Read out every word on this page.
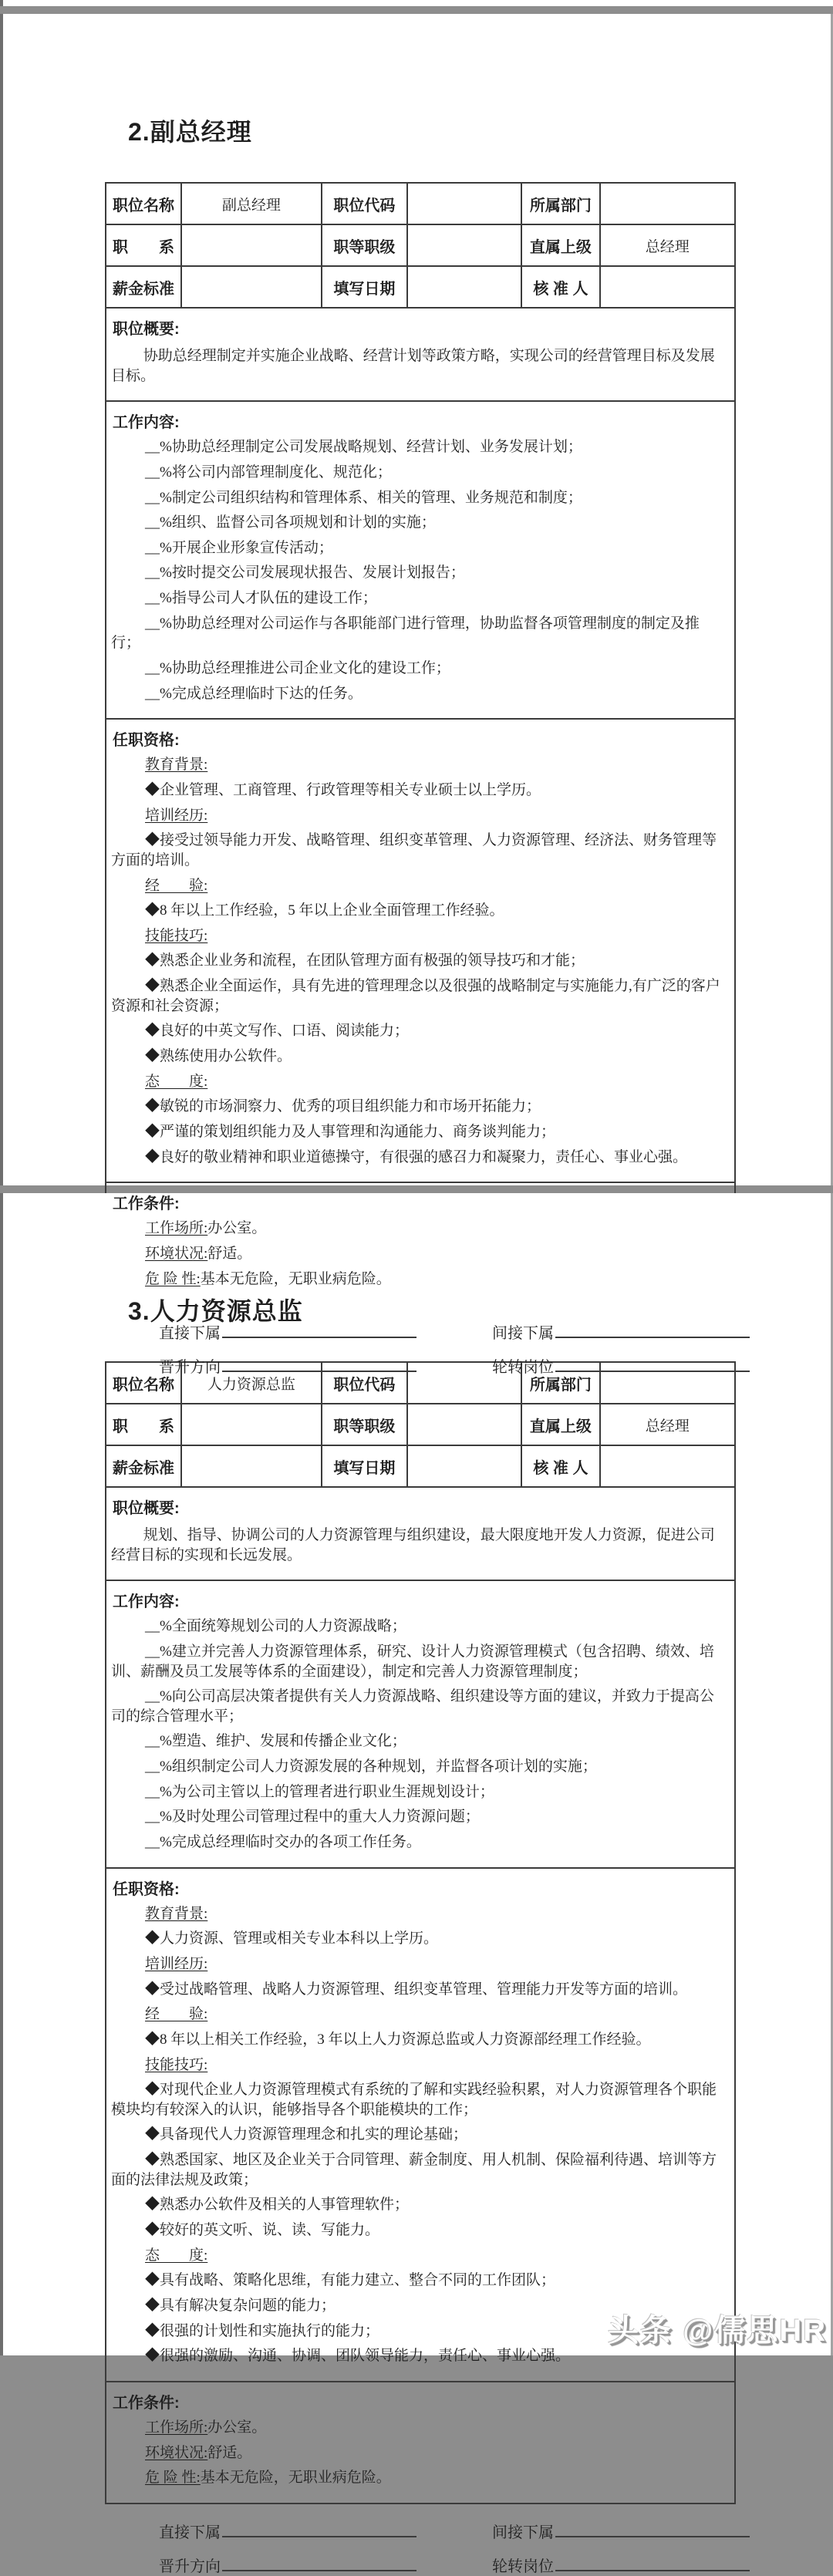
2.副总经理
职位名称	副总经理	职位代码		所属部门	
职　　系		职等职级		直属上级	总经理
薪金标准		填写日期		核 准 人	
职位概要:

协助总经理制定并实施企业战略、经营计划等政策方略，实现公司的经营管理目标及发展目标。

工作内容:

__%协助总经理制定公司发展战略规划、经营计划、业务发展计划；

__%将公司内部管理制度化、规范化；

__%制定公司组织结构和管理体系、相关的管理、业务规范和制度；

__%组织、监督公司各项规划和计划的实施；

__%开展企业形象宣传活动；

__%按时提交公司发展现状报告、发展计划报告；

__%指导公司人才队伍的建设工作；

__%协助总经理对公司运作与各职能部门进行管理，协助监督各项管理制度的制定及推行；

__%协助总经理推进公司企业文化的建设工作；

__%完成总经理临时下达的任务。

任职资格:

教育背景:

◆企业管理、工商管理、行政管理等相关专业硕士以上学历。

培训经历:

◆接受过领导能力开发、战略管理、组织变革管理、人力资源管理、经济法、财务管理等方面的培训。

经　　验:

◆8 年以上工作经验，5 年以上企业全面管理工作经验。

技能技巧:

◆熟悉企业业务和流程，在团队管理方面有极强的领导技巧和才能；

◆熟悉企业全面运作，具有先进的管理理念以及很强的战略制定与实施能力,有广泛的客户资源和社会资源；

◆良好的中英文写作、口语、阅读能力；

◆熟练使用办公软件。

态　　度:

◆敏锐的市场洞察力、优秀的项目组织能力和市场开拓能力；

◆严谨的策划组织能力及人事管理和沟通能力、商务谈判能力；

◆良好的敬业精神和职业道德操守，有很强的感召力和凝聚力，责任心、事业心强。

工作条件:

工作场所:办公室。

环境状况:舒适。

危 险 性:基本无危险，无职业病危险。

直接下属	间接下属
晋升方向	轮转岗位
3.人力资源总监
职位名称	人力资源总监	职位代码		所属部门	
职　　系		职等职级		直属上级	总经理
薪金标准		填写日期		核 准 人	
职位概要:

规划、指导、协调公司的人力资源管理与组织建设，最大限度地开发人力资源，促进公司经营目标的实现和长远发展。

工作内容:

__%全面统筹规划公司的人力资源战略；

__%建立并完善人力资源管理体系，研究、设计人力资源管理模式（包含招聘、绩效、培训、薪酬及员工发展等体系的全面建设），制定和完善人力资源管理制度；

__%向公司高层决策者提供有关人力资源战略、组织建设等方面的建议，并致力于提高公司的综合管理水平；

__%塑造、维护、发展和传播企业文化；

__%组织制定公司人力资源发展的各种规划，并监督各项计划的实施；

__%为公司主管以上的管理者进行职业生涯规划设计；

__%及时处理公司管理过程中的重大人力资源问题；

__%完成总经理临时交办的各项工作任务。

任职资格:

教育背景:

◆人力资源、管理或相关专业本科以上学历。

培训经历:

◆受过战略管理、战略人力资源管理、组织变革管理、管理能力开发等方面的培训。

经　　验:

◆8 年以上相关工作经验，3 年以上人力资源总监或人力资源部经理工作经验。

技能技巧:

◆对现代企业人力资源管理模式有系统的了解和实践经验积累，对人力资源管理各个职能模块均有较深入的认识，能够指导各个职能模块的工作；

◆具备现代人力资源管理理念和扎实的理论基础；

◆熟悉国家、地区及企业关于合同管理、薪金制度、用人机制、保险福利待遇、培训等方面的法律法规及政策；

◆熟悉办公软件及相关的人事管理软件；

◆较好的英文听、说、读、写能力。

态　　度:

◆具有战略、策略化思维，有能力建立、整合不同的工作团队；

◆具有解决复杂问题的能力；

◆很强的计划性和实施执行的能力；

◆很强的激励、沟通、协调、团队领导能力，责任心、事业心强。

工作条件:

工作场所:办公室。

环境状况:舒适。

危 险 性:基本无危险，无职业病危险。

直接下属	间接下属
晋升方向	轮转岗位
头条 @儒思HR
